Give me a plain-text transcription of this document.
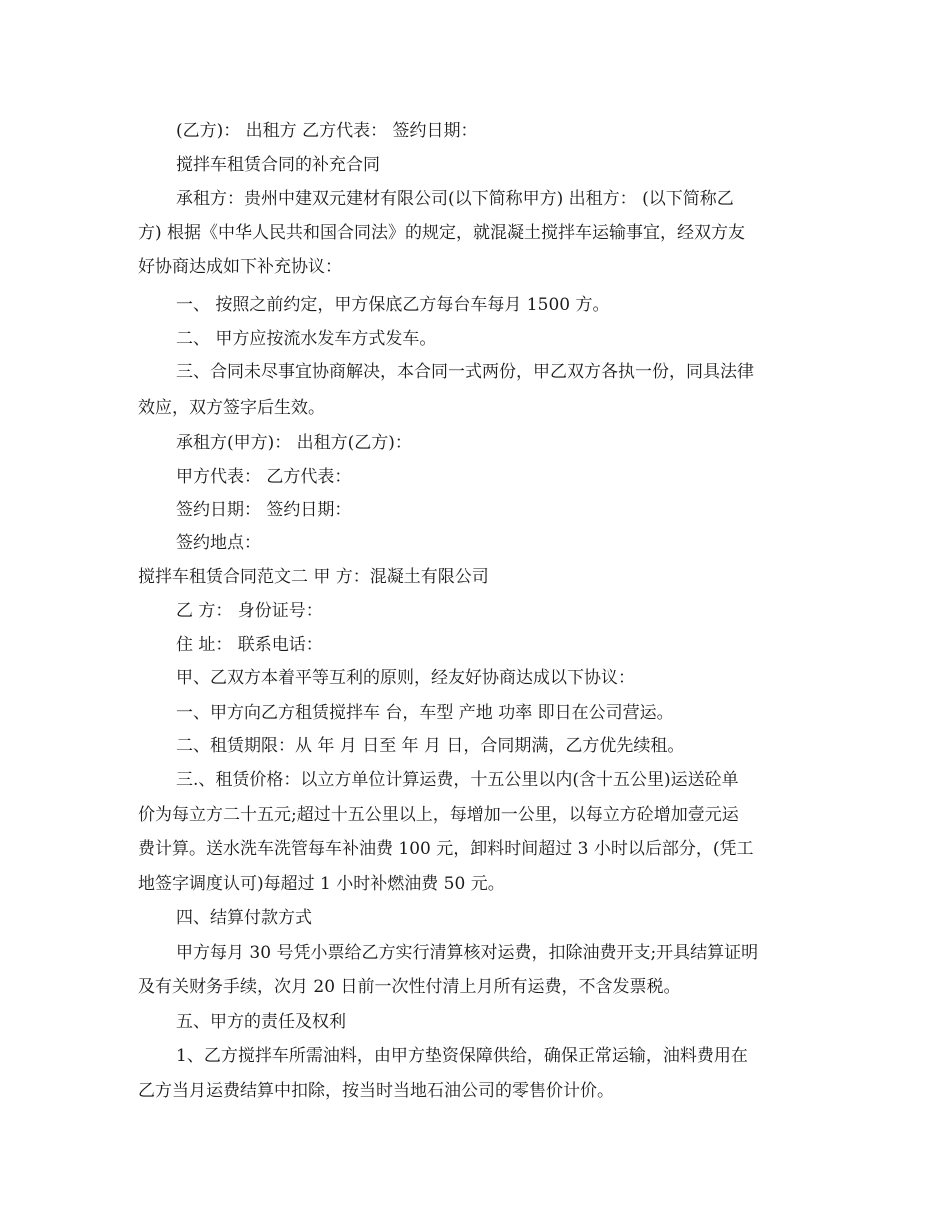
(乙方)： 出租方 乙方代表： 签约日期：
搅拌车租赁合同的补充合同
承租方：贵州中建双元建材有限公司(以下简称甲方) 出租方： (以下简称乙
方) 根据《中华人民共和国合同法》的规定，就混凝土搅拌车运输事宜，经双方友
好协商达成如下补充协议：
一、 按照之前约定，甲方保底乙方每台车每月 1500 方。
二、 甲方应按流水发车方式发车。
三、合同未尽事宜协商解决，本合同一式两份，甲乙双方各执一份，同具法律
效应，双方签字后生效。
承租方(甲方)： 出租方(乙方)：
甲方代表： 乙方代表：
签约日期： 签约日期：
签约地点：
搅拌车租赁合同范文二 甲 方：混凝土有限公司
乙 方： 身份证号：
住 址： 联系电话：
甲、乙双方本着平等互利的原则，经友好协商达成以下协议：
一、甲方向乙方租赁搅拌车 台，车型 产地 功率 即日在公司营运。
二、租赁期限：从 年 月 日至 年 月 日，合同期满，乙方优先续租。
三.、租赁价格：以立方单位计算运费，十五公里以内(含十五公里)运送砼单
价为每立方二十五元;超过十五公里以上，每增加一公里，以每立方砼增加壹元运
费计算。送水洗车洗管每车补油费 100 元，卸料时间超过 3 小时以后部分，(凭工
地签字调度认可)每超过 1 小时补燃油费 50 元。
四、结算付款方式
甲方每月 30 号凭小票给乙方实行清算核对运费，扣除油费开支;开具结算证明
及有关财务手续，次月 20 日前一次性付清上月所有运费，不含发票税。
五、甲方的责任及权利
1、乙方搅拌车所需油料，由甲方垫资保障供给，确保正常运输，油料费用在
乙方当月运费结算中扣除，按当时当地石油公司的零售价计价。
